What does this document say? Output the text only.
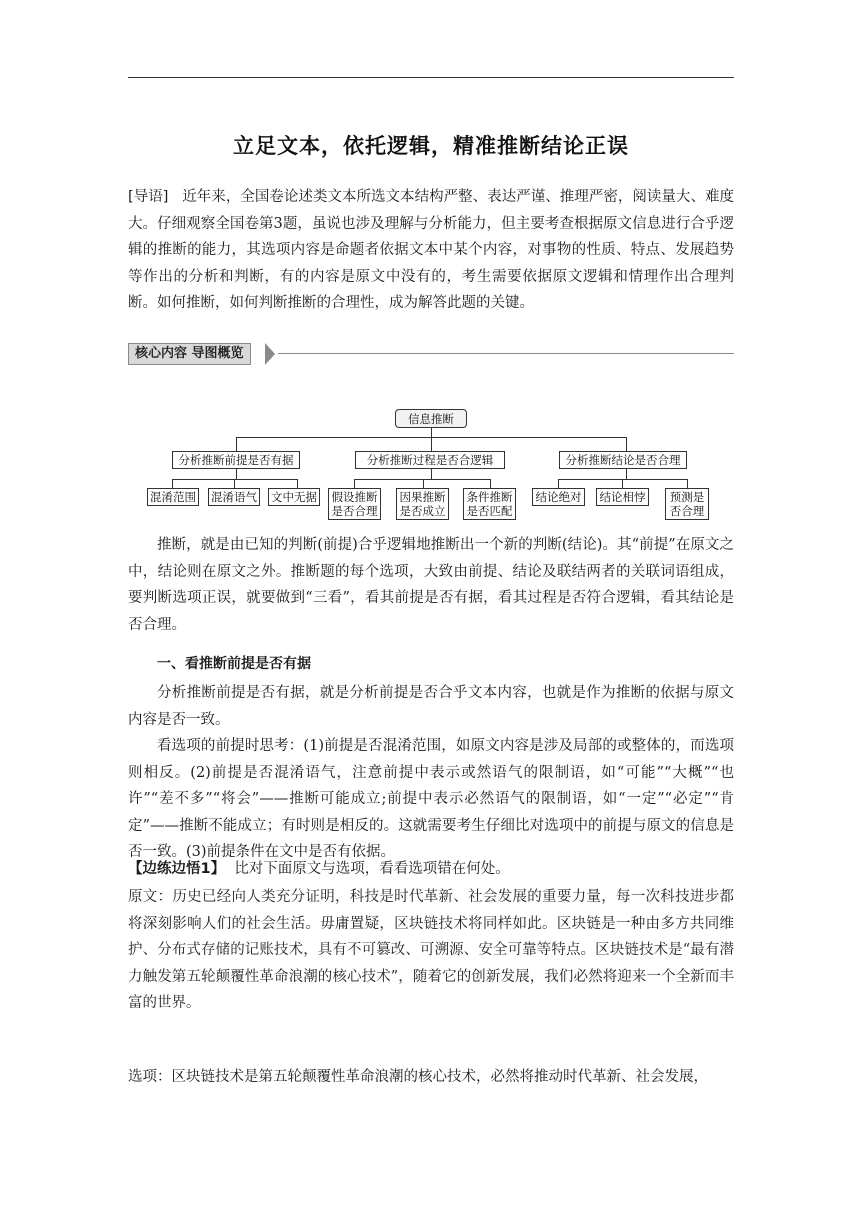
立足文本，依托逻辑，精准推断结论正误
[导语] 近年来，全国卷论述类文本所选文本结构严整、表达严谨、推理严密，阅读量大、难度大。仔细观察全国卷第3题，虽说也涉及理解与分析能力，但主要考查根据原文信息进行合乎逻辑的推断的能力，其选项内容是命题者依据文本中某个内容，对事物的性质、特点、发展趋势等作出的分析和判断，有的内容是原文中没有的，考生需要依据原文逻辑和情理作出合理判断。如何推断，如何判断推断的合理性，成为解答此题的关键。
核心内容 导图概览
信息推断
分析推断前提是否有据	分析推断过程是否合逻辑	分析推断结论是否合理
混淆范围 混淆语气 文中无据	假设推断
是否合理
因果推断
是否成立
条件推断
是否匹配
结论绝对	结论相悖	预测是
否合理
推断，就是由已知的判断(前提)合乎逻辑地推断出一个新的判断(结论)。其“前提”在原文之中，结论则在原文之外。推断题的每个选项，大致由前提、结论及联结两者的关联词语组成，要判断选项正误，就要做到“三看”，看其前提是否有据，看其过程是否符合逻辑，看其结论是否合理。
一、看推断前提是否有据
分析推断前提是否有据，就是分析前提是否合乎文本内容，也就是作为推断的依据与原文内容是否一致。
看选项的前提时思考：(1)前提是否混淆范围，如原文内容是涉及局部的或整体的，而选项则相反。(2)前提是否混淆语气，注意前提中表示或然语气的限制语，如“可能”“大概”“也许”“差不多”“将会”——推断可能成立;前提中表示必然语气的限制语，如“一定”“必定”“肯定”——推断不能成立；有时则是相反的。这就需要考生仔细比对选项中的前提与原文的信息是否一致。(3)前提条件在文中是否有依据。
【边练边悟1】 比对下面原文与选项，看看选项错在何处。
原文：历史已经向人类充分证明，科技是时代革新、社会发展的重要力量，每一次科技进步都将深刻影响人们的社会生活。毋庸置疑，区块链技术将同样如此。区块链是一种由多方共同维护、分布式存储的记账技术，具有不可篡改、可溯源、安全可靠等特点。区块链技术是“最有潜力触发第五轮颠覆性革命浪潮的核心技术”，随着它的创新发展，我们必然将迎来一个全新而丰富的世界。
选项：区块链技术是第五轮颠覆性革命浪潮的核心技术，必然将推动时代革新、社会发展，
